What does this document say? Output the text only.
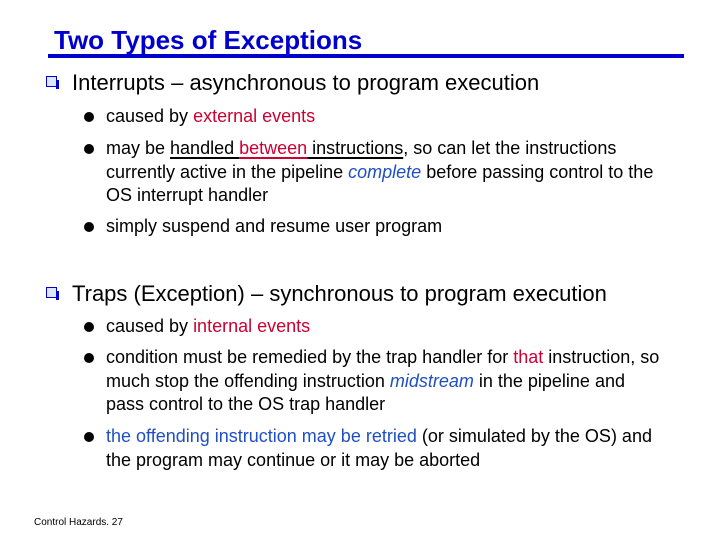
Two Types of Exceptions
Interrupts – asynchronous to program execution
caused by external events
may be handled between instructions, so can let the instructions currently active in the pipeline complete before passing control to the OS interrupt handler
simply suspend and resume user program
Traps (Exception) – synchronous to program execution
caused by internal events
condition must be remedied by the trap handler for that instruction, so much stop the offending instruction midstream in the pipeline and pass control to the OS trap handler
the offending instruction may be retried (or simulated by the OS) and the program may continue or it may be aborted
Control Hazards. 27
